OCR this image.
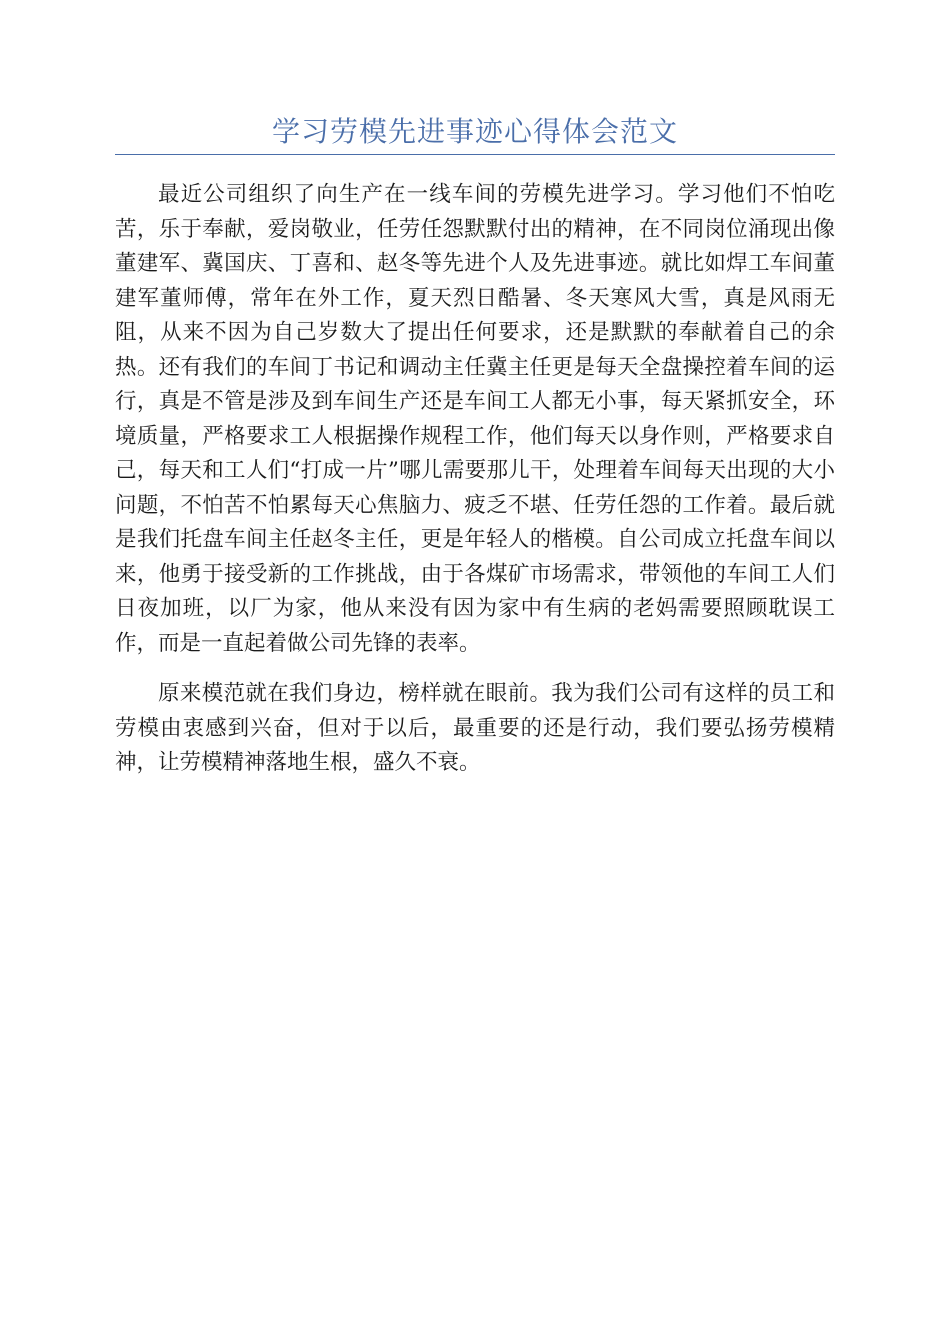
学习劳模先进事迹心得体会范文

最近公司组织了向生产在一线车间的劳模先进学习。学习他们不怕吃苦，乐于奉献，爱岗敬业，任劳任怨默默付出的精神，在不同岗位涌现出像董建军、冀国庆、丁喜和、赵冬等先进个人及先进事迹。就比如焊工车间董建军董师傅，常年在外工作，夏天烈日酷暑、冬天寒风大雪，真是风雨无阻，从来不因为自己岁数大了提出任何要求，还是默默的奉献着自己的余热。还有我们的车间丁书记和调动主任冀主任更是每天全盘操控着车间的运行，真是不管是涉及到车间生产还是车间工人都无小事，每天紧抓安全，环境质量，严格要求工人根据操作规程工作，他们每天以身作则，严格要求自己，每天和工人们“打成一片”哪儿需要那儿干，处理着车间每天出现的大小问题，不怕苦不怕累每天心焦脑力、疲乏不堪、任劳任怨的工作着。最后就是我们托盘车间主任赵冬主任，更是年轻人的楷模。自公司成立托盘车间以来，他勇于接受新的工作挑战，由于各煤矿市场需求，带领他的车间工人们日夜加班，以厂为家，他从来没有因为家中有生病的老妈需要照顾耽误工作，而是一直起着做公司先锋的表率。

原来模范就在我们身边，榜样就在眼前。我为我们公司有这样的员工和劳模由衷感到兴奋，但对于以后，最重要的还是行动，我们要弘扬劳模精神，让劳模精神落地生根，盛久不衰。
